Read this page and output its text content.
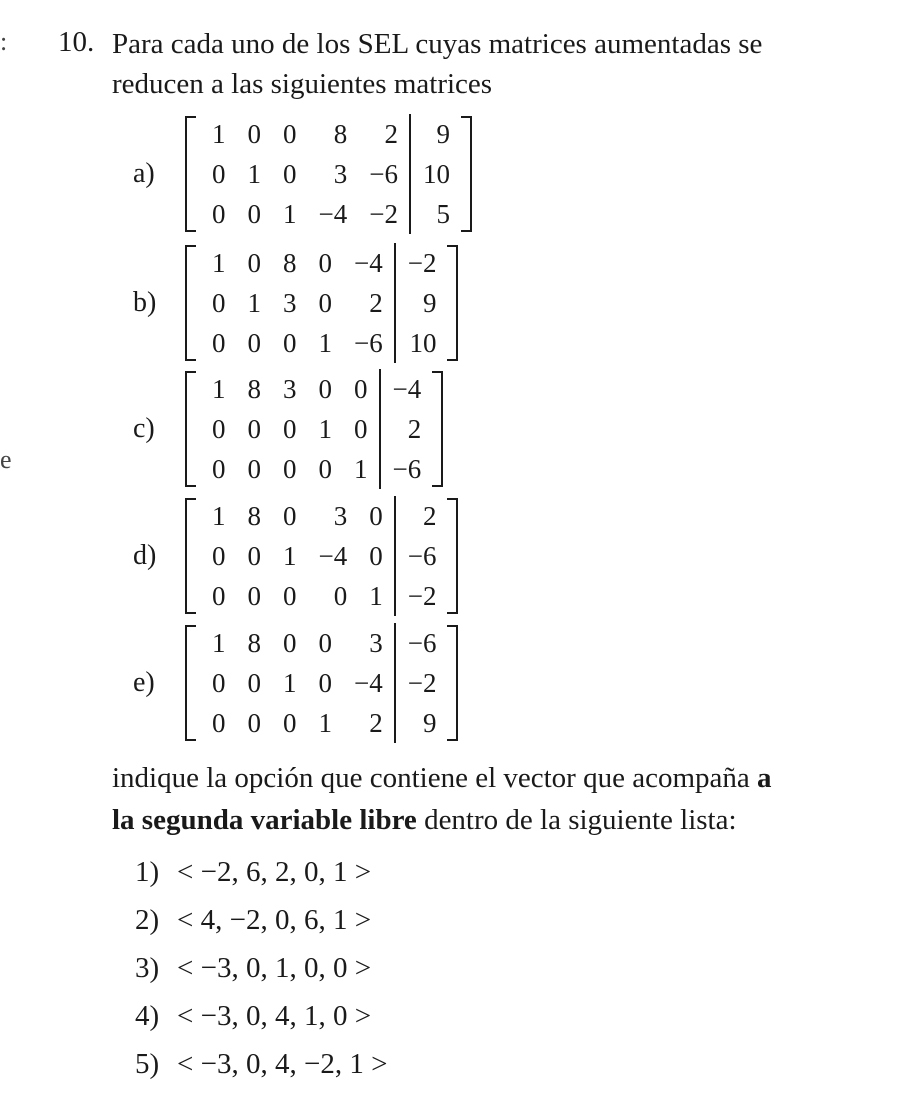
:
e
10. Para cada uno de los SEL cuyas matrices aumentadas se

reducen a las siguientes matrices

a)
1	0	0	8	2	9
0	1	0	3	−6	10
0	0	1	−4	−2	5
b)
1	0	8	0	−4	−2
0	1	3	0	2	9
0	0	0	1	−6	10
c)
1	8	3	0	0	−4
0	0	0	1	0	2
0	0	0	0	1	−6
d)
1	8	0	3	0	2
0	0	1	−4	0	−6
0	0	0	0	1	−2
e)
1	8	0	0	3	−6
0	0	1	0	−4	−2
0	0	0	1	2	9

indique la opción que contiene el vector que acompaña a

la segunda variable libre dentro de la siguiente lista:

1) < −2, 6, 2, 0, 1 >
2) < 4, −2, 0, 6, 1 >
3) < −3, 0, 1, 0, 0 >
4) < −3, 0, 4, 1, 0 >
5) < −3, 0, 4, −2, 1 >
